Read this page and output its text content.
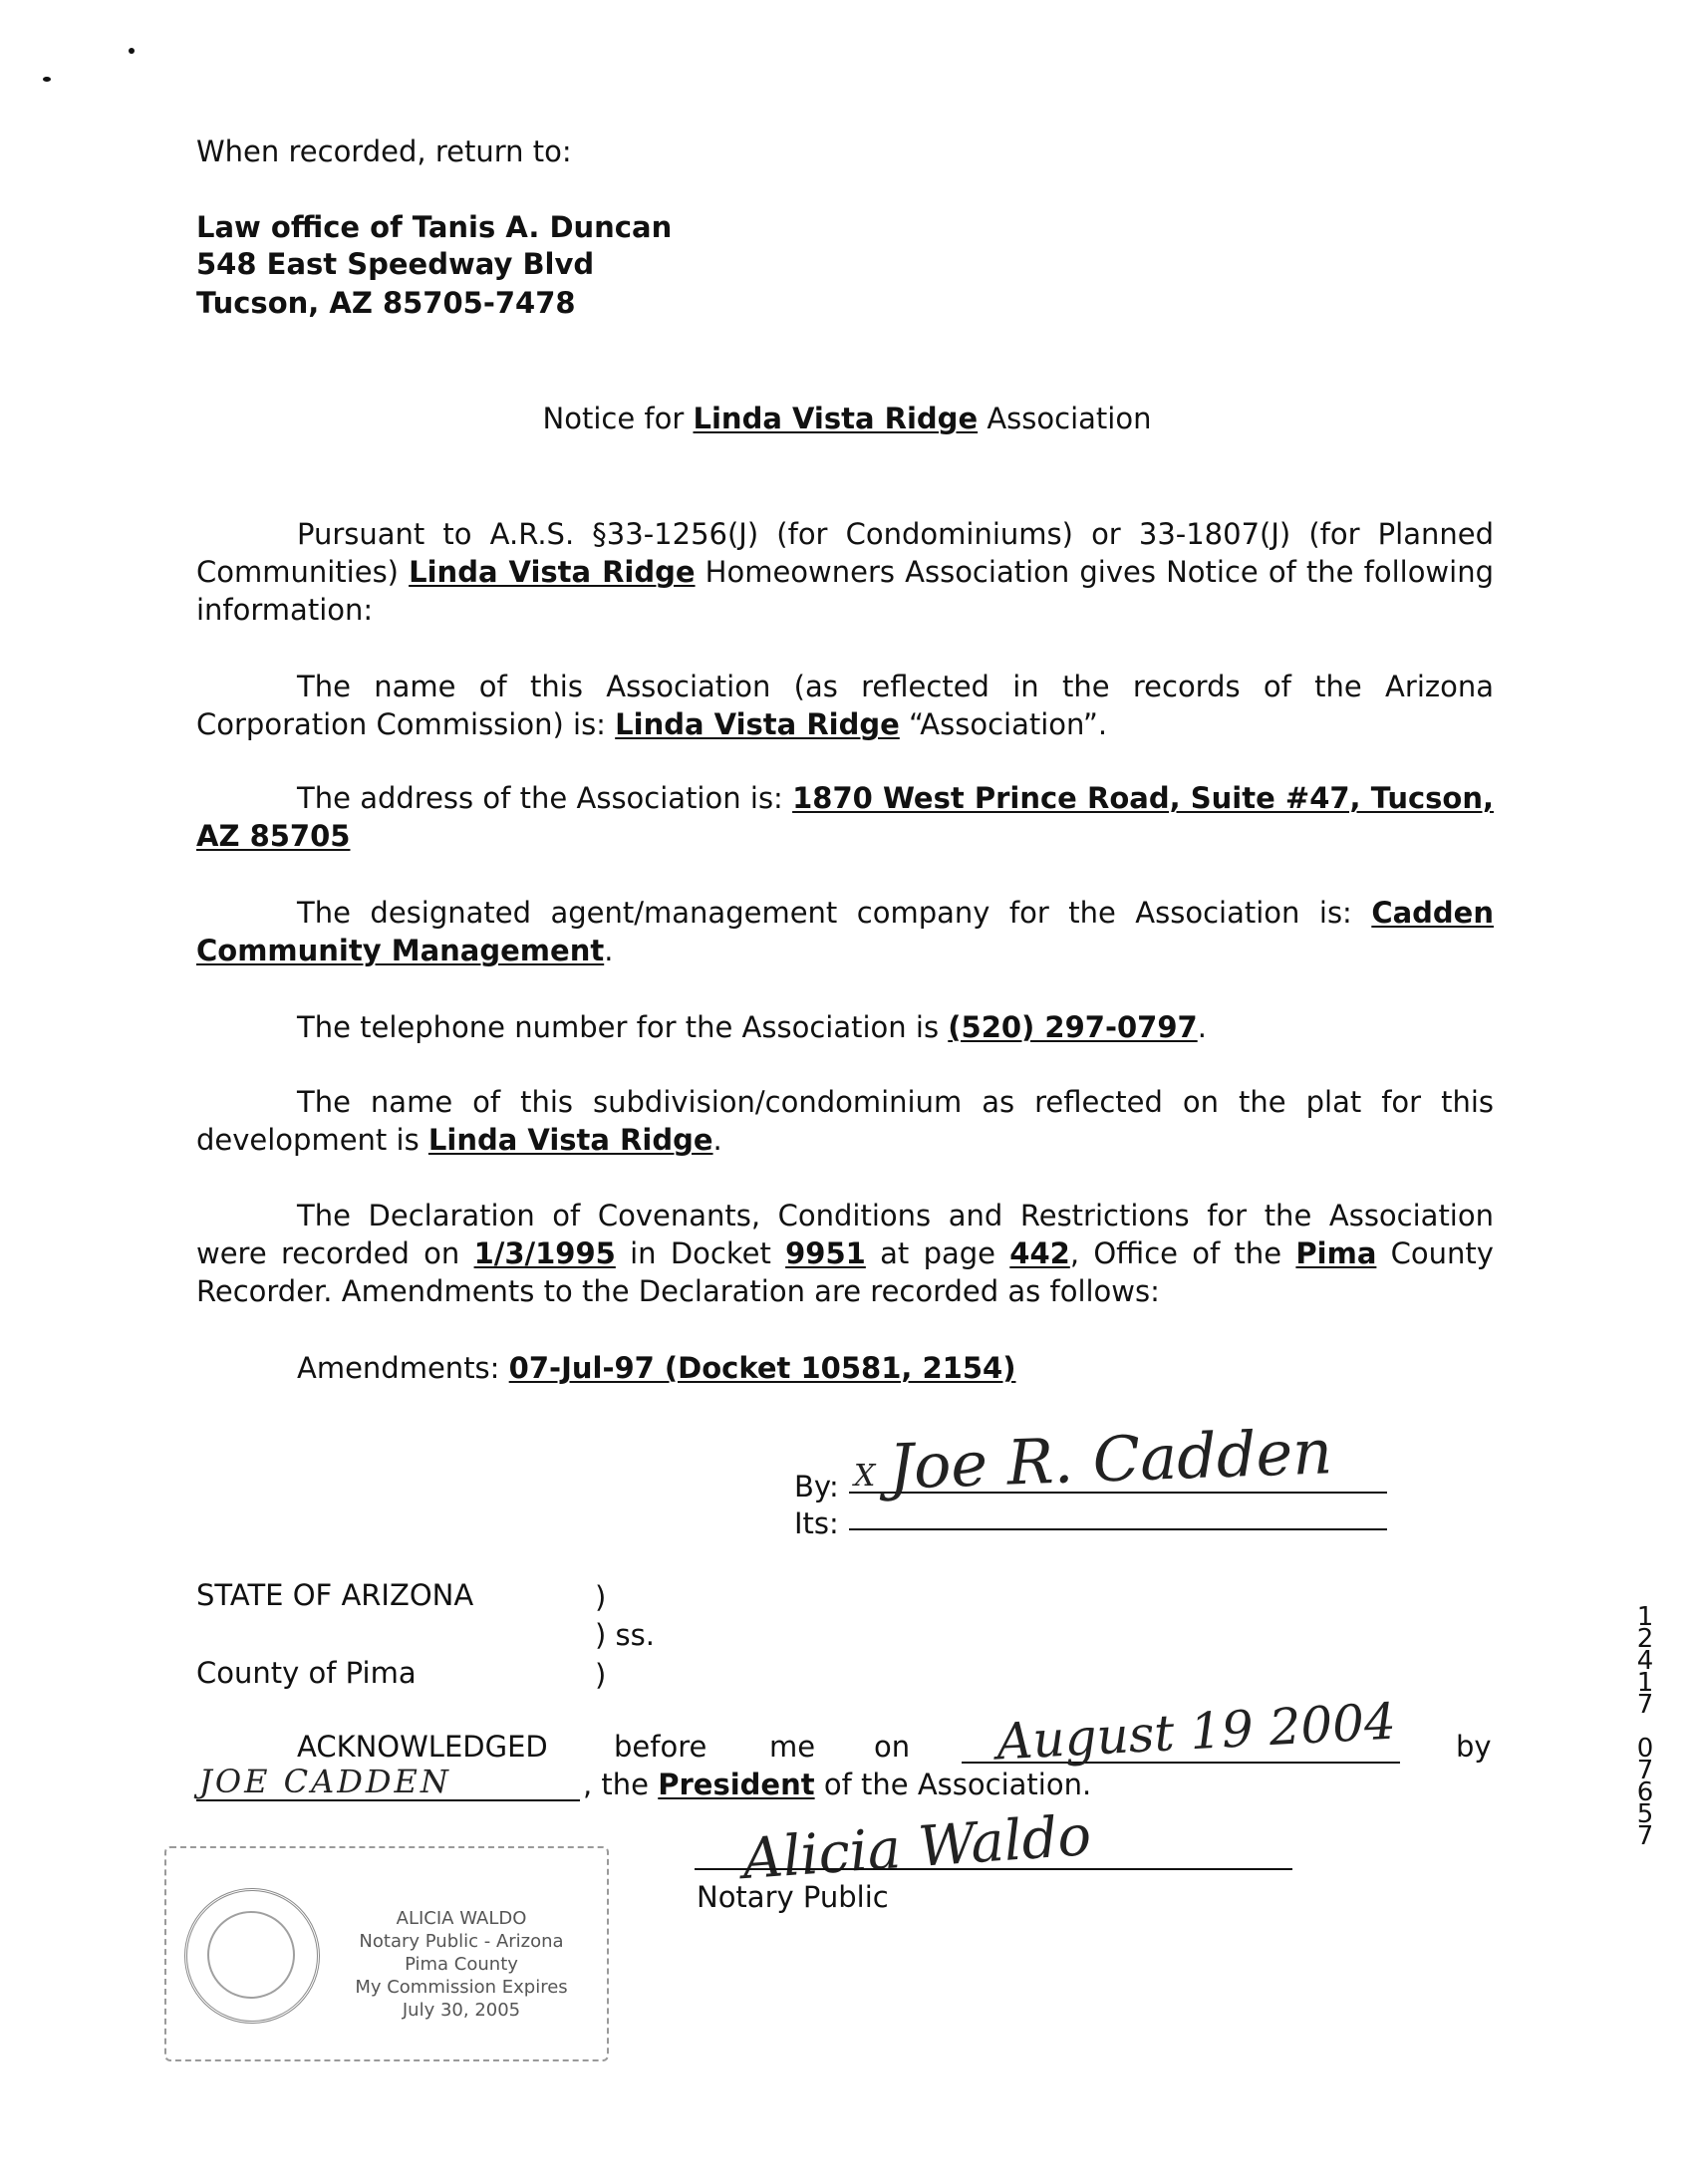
When recorded, return to:
Law office of Tanis A. Duncan
548 East Speedway Blvd
Tucson, AZ 85705-7478
Notice for Linda Vista Ridge Association
Pursuant to A.R.S. §33-1256(J) (for Condominiums) or 33-1807(J) (for Planned Communities) Linda Vista Ridge Homeowners Association gives Notice of the following information:
The name of this Association (as reflected in the records of the Arizona Corporation Commission) is: Linda Vista Ridge “Association”.
The address of the Association is: 1870 West Prince Road, Suite #47, Tucson, AZ 85705
The designated agent/management company for the Association is: Cadden Community Management.
The telephone number for the Association is (520) 297-0797.
The name of this subdivision/condominium as reflected on the plat for this development is Linda Vista Ridge.
The Declaration of Covenants, Conditions and Restrictions for the Association were recorded on 1/3/1995 in Docket 9951 at page 442, Office of the Pima County Recorder. Amendments to the Declaration are recorded as follows:
Amendments: 07-Jul-97 (Docket 10581, 2154)
By: X Joe R. Cadden
Its:
STATE OF ARIZONA	)
) ss.
County of Pima	)
ACKNOWLEDGED before me on August 19 2004 by
JOE CADDEN	, the President of the Association.
Alicia Waldo
Notary Public
ALICIA WALDO
Notary Public - Arizona
Pima County
My Commission Expires
July 30, 2005
1
2
4
1
7
0
7
6
5
7
